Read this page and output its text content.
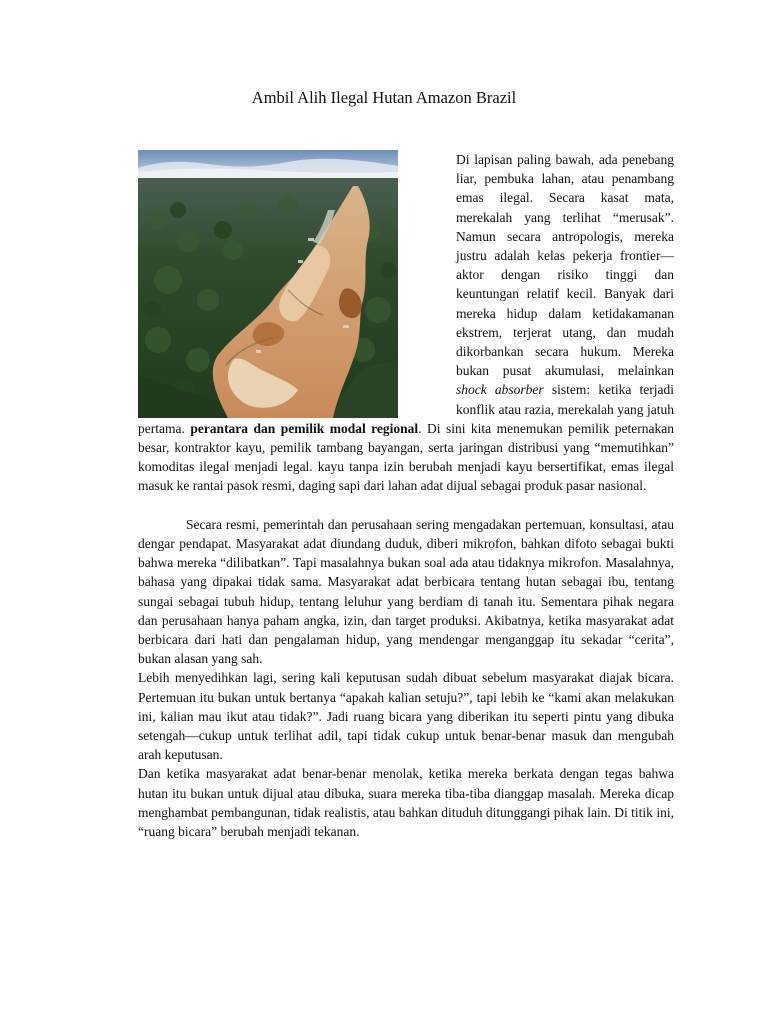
Ambil Alih Ilegal Hutan Amazon Brazil

Di lapisan paling bawah, ada penebang liar, pembuka lahan, atau penambang emas ilegal. Secara kasat mata, merekalah yang terlihat “merusak”. Namun secara antropologis, mereka justru adalah kelas pekerja frontier—aktor dengan risiko tinggi dan keuntungan relatif kecil. Banyak dari mereka hidup dalam ketidakamanan ekstrem, terjerat utang, dan mudah dikorbankan secara hukum. Mereka bukan pusat akumulasi, melainkan shock absorber sistem: ketika terjadi konflik atau razia, merekalah yang jatuh pertama. perantara dan pemilik modal regional. Di sini kita menemukan pemilik peternakan besar, kontraktor kayu, pemilik tambang bayangan, serta jaringan distribusi yang “memutihkan” komoditas ilegal menjadi legal. kayu tanpa izin berubah menjadi kayu bersertifikat, emas ilegal masuk ke rantai pasok resmi, daging sapi dari lahan adat dijual sebagai produk pasar nasional.

Secara resmi, pemerintah dan perusahaan sering mengadakan pertemuan, konsultasi, atau dengar pendapat. Masyarakat adat diundang duduk, diberi mikrofon, bahkan difoto sebagai bukti bahwa mereka “dilibatkan”. Tapi masalahnya bukan soal ada atau tidaknya mikrofon. Masalahnya, bahasa yang dipakai tidak sama. Masyarakat adat berbicara tentang hutan sebagai ibu, tentang sungai sebagai tubuh hidup, tentang leluhur yang berdiam di tanah itu. Sementara pihak negara dan perusahaan hanya paham angka, izin, dan target produksi. Akibatnya, ketika masyarakat adat berbicara dari hati dan pengalaman hidup, yang mendengar menganggap itu sekadar “cerita”, bukan alasan yang sah.

Lebih menyedihkan lagi, sering kali keputusan sudah dibuat sebelum masyarakat diajak bicara. Pertemuan itu bukan untuk bertanya “apakah kalian setuju?”, tapi lebih ke “kami akan melakukan ini, kalian mau ikut atau tidak?”. Jadi ruang bicara yang diberikan itu seperti pintu yang dibuka setengah—cukup untuk terlihat adil, tapi tidak cukup untuk benar-benar masuk dan mengubah arah keputusan.

Dan ketika masyarakat adat benar-benar menolak, ketika mereka berkata dengan tegas bahwa hutan itu bukan untuk dijual atau dibuka, suara mereka tiba-tiba dianggap masalah. Mereka dicap menghambat pembangunan, tidak realistis, atau bahkan dituduh ditunggangi pihak lain. Di titik ini, “ruang bicara” berubah menjadi tekanan.
